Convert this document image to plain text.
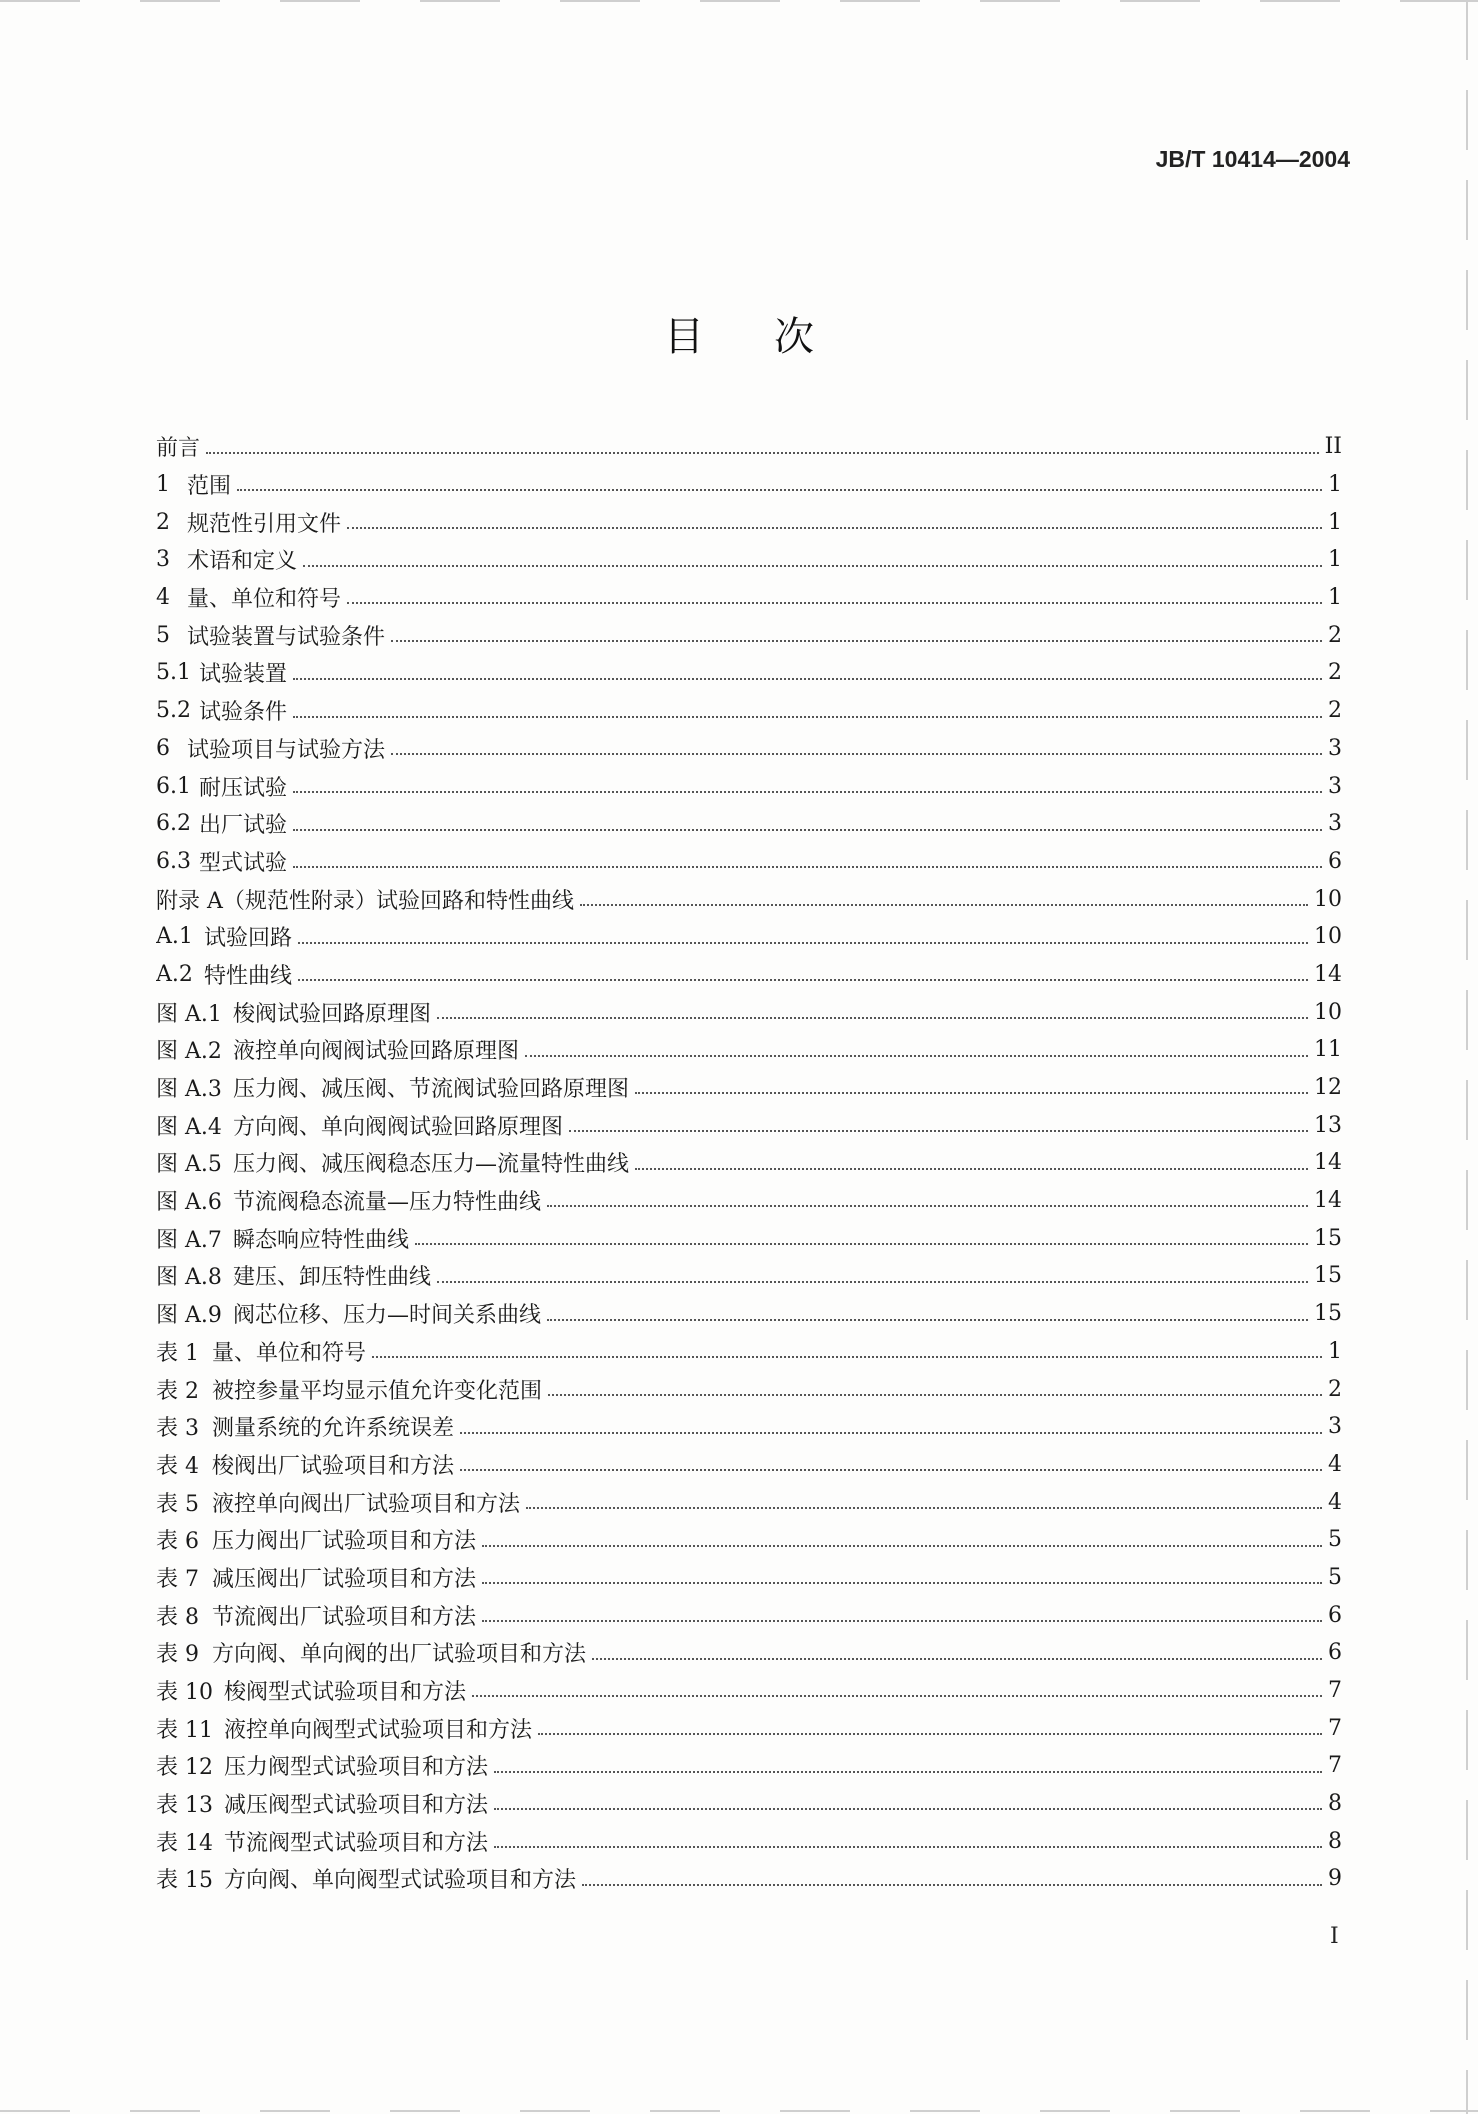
JB/T 10414—2004
目次
前言	II
1 范围	1
2 规范性引用文件	1
3 术语和定义	1
4 量、单位和符号	1
5 试验装置与试验条件	2
5.1 试验装置	2
5.2 试验条件	2
6 试验项目与试验方法	3
6.1 耐压试验	3
6.2 出厂试验	3
6.3 型式试验	6
附录 A（规范性附录） 试验回路和特性曲线	10
A.1 试验回路	10
A.2 特性曲线	14
图 A.1 梭阀试验回路原理图	10
图 A.2 液控单向阀阀试验回路原理图	11
图 A.3 压力阀、减压阀、节流阀试验回路原理图	12
图 A.4 方向阀、单向阀阀试验回路原理图	13
图 A.5 压力阀、减压阀稳态压力—流量特性曲线	14
图 A.6 节流阀稳态流量—压力特性曲线	14
图 A.7 瞬态响应特性曲线	15
图 A.8 建压、卸压特性曲线	15
图 A.9 阀芯位移、压力—时间关系曲线	15
表 1 量、单位和符号	1
表 2 被控参量平均显示值允许变化范围	2
表 3 测量系统的允许系统误差	3
表 4 梭阀出厂试验项目和方法	4
表 5 液控单向阀出厂试验项目和方法	4
表 6 压力阀出厂试验项目和方法	5
表 7 减压阀出厂试验项目和方法	5
表 8 节流阀出厂试验项目和方法	6
表 9 方向阀、单向阀的出厂试验项目和方法	6
表 10 梭阀型式试验项目和方法	7
表 11 液控单向阀型式试验项目和方法	7
表 12 压力阀型式试验项目和方法	7
表 13 减压阀型式试验项目和方法	8
表 14 节流阀型式试验项目和方法	8
表 15 方向阀、单向阀型式试验项目和方法	9
I
